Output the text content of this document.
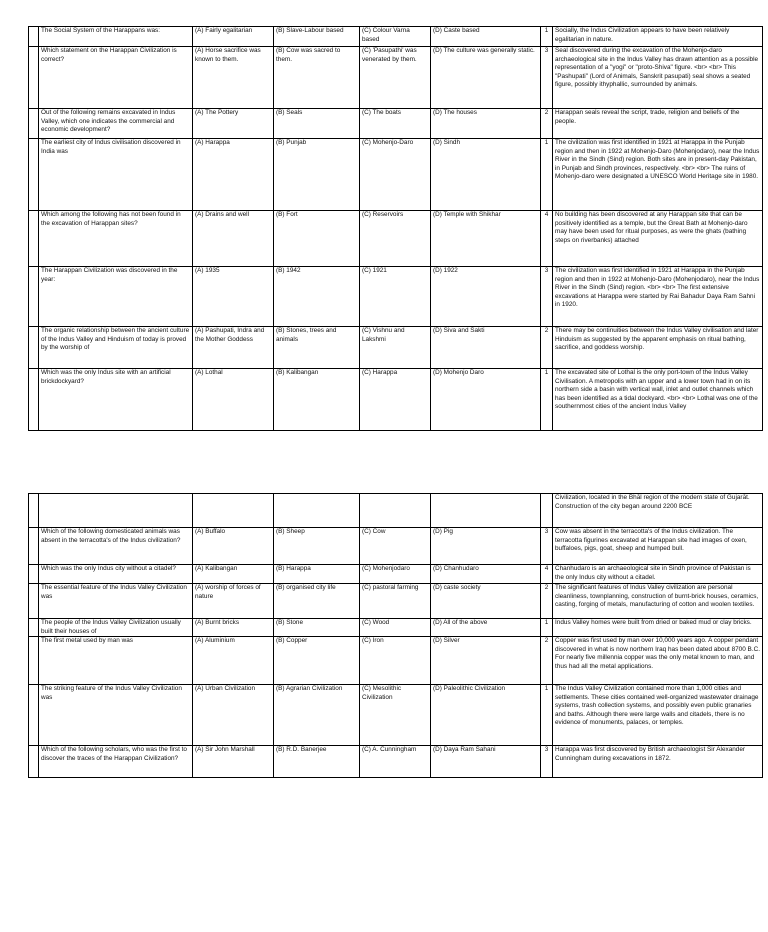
	The Social System of the Harappans was:	(A) Fairly egalitarian	(B) Slave-Labour based	(C) Colour Varna based	(D) Caste based	1	Socially, the Indus Civilization appears to have been relatively egalitarian in nature.
	Which statement on the Harappan Civilization is correct?	(A) Horse sacrifice was known to them.	(B) Cow was sacred to them.	(C) 'Pasupathi' was venerated by them.	(D) The culture was generally static.	3	Seal discovered during the excavation of the Mohenjo-daro archaeological site in the Indus Valley has drawn attention as a possible representation of a "yogi" or "proto-Shiva" figure. <br> <br> This "Pashupati" (Lord of Animals, Sanskrit pasupati) seal shows a seated figure, possibly ithyphallic, surrounded by animals.
	Out of the following remains excavated in Indus Valley, which one indicates the commercial and economic development?	(A) The Pottery	(B) Seals	(C) The boats	(D) The houses	2	Harappan seals reveal the script, trade, religion and beliefs of the people.
	The earliest city of Indus civilisation discovered in India was	(A) Harappa	(B) Punjab	(C) Mohenjo-Daro	(D) Sindh	1	The civilization was first identified in 1921 at Harappa in the Punjab region and then in 1922 at Mohenjo-Daro (Mohenjodaro), near the Indus River in the Sindh (Sind) region. Both sites are in present-day Pakistan, in Punjab and Sindh provinces, respectively. <br> <br> The ruins of Mohenjo-daro were designated a UNESCO World Heritage site in 1980.
	Which among the following has not been found in the excavation of Harappan sites?	(A) Drains and well	(B) Fort	(C) Reservoirs	(D) Temple with Shikhar	4	No building has been discovered at any Harappan site that can be positively identified as a temple, but the Great Bath at Mohenjo-daro may have been used for ritual purposes, as were the ghats (bathing steps on riverbanks) attached
	The Harappan Civilization was discovered in the year:	(A) 1935	(B) 1942	(C) 1921	(D) 1922	3	The civilization was first identified in 1921 at Harappa in the Punjab region and then in 1922 at Mohenjo-Daro (Mohenjodaro), near the Indus River in the Sindh (Sind) region. <br> <br> The first extensive excavations at Harappa were started by Rai Bahadur Daya Ram Sahni in 1920.
	The organic relationship between the ancient culture of the Indus Valley and Hinduism of today is proved by the worship of	(A) Pashupati, Indra and the Mother Goddess	(B) Stones, trees and animals	(C) Vishnu and Lakshmi	(D) Siva and Sakti	2	There may be continuities between the Indus Valley civilisation and later Hinduism as suggested by the apparent emphasis on ritual bathing, sacrifice, and goddess worship.
	Which was the only Indus site with an artificial brickdockyard?	(A) Lothal	(B) Kalibangan	(C) Harappa	(D) Mohenjo Daro	1	The excavated site of Lothal is the only port-town of the Indus Valley Civilisation. A metropolis with an upper and a lower town had in on its northern side a basin with vertical wall, inlet and outlet channels which has been identified as a tidal dockyard. <br> <br> Lothal was one of the southernmost cities of the ancient Indus Valley
							Civilization, located in the Bhāl region of the modern state of Gujarāt. Construction of the city began around 2200 BCE
	Which of the following domesticated animals was absent in the terracotta's of the Indus civilization?	(A) Buffalo	(B) Sheep	(C) Cow	(D) Pig	3	Cow was absent in the terracotta's of the Indus civilization. The terracotta figurines excavated at Harappan site had images of oxen, buffaloes, pigs, goat, sheep and humped bull.
	Which was the only Indus city without a citadel?	(A) Kalibangan	(B) Harappa	(C) Mohenjodaro	(D) Chanhudaro	4	Chanhudaro is an archaeological site in Sindh province of Pakistan is the only Indus city without a citadel.
	The essential feature of the Indus Valley Civilization was	(A) worship of forces of nature	(B) organised city life	(C) pastoral farming	(D) caste society	2	The significant features of Indus Valley civilization are personal cleanliness, townplanning, construction of burnt-brick houses, ceramics, casting, forging of metals, manufacturing of cotton and woolen textiles.
	The people of the Indus Valley Civilization usually built their houses of	(A) Burnt bricks	(B) Stone	(C) Wood	(D) All of the above	1	Indus Valley homes were built from dried or baked mud or clay bricks.
	The first metal used by man was	(A) Aluminium	(B) Copper	(C) Iron	(D) Silver	2	Copper was first used by man over 10,000 years ago. A copper pendant discovered in what is now northern Iraq has been dated about 8700 B.C. For nearly five millennia copper was the only metal known to man, and thus had all the metal applications.
	The striking feature of the Indus Valley Civilization was	(A) Urban Civilization	(B) Agrarian Civilization	(C) Mesolithic Civilization	(D) Paleolithic Civilization	1	The Indus Valley Civilization contained more than 1,000 cities and settlements. These cities contained well-organized wastewater drainage systems, trash collection systems, and possibly even public granaries and baths. Although there were large walls and citadels, there is no evidence of monuments, palaces, or temples.
	Which of the following scholars, who was the first to discover the traces of the Harappan Civilization?	(A) Sir John Marshall	(B) R.D. Banerjee	(C) A. Cunningham	(D) Daya Ram Sahani	3	Harappa was first discovered by British archaeologist Sir Alexander Cunningham during excavations in 1872.
